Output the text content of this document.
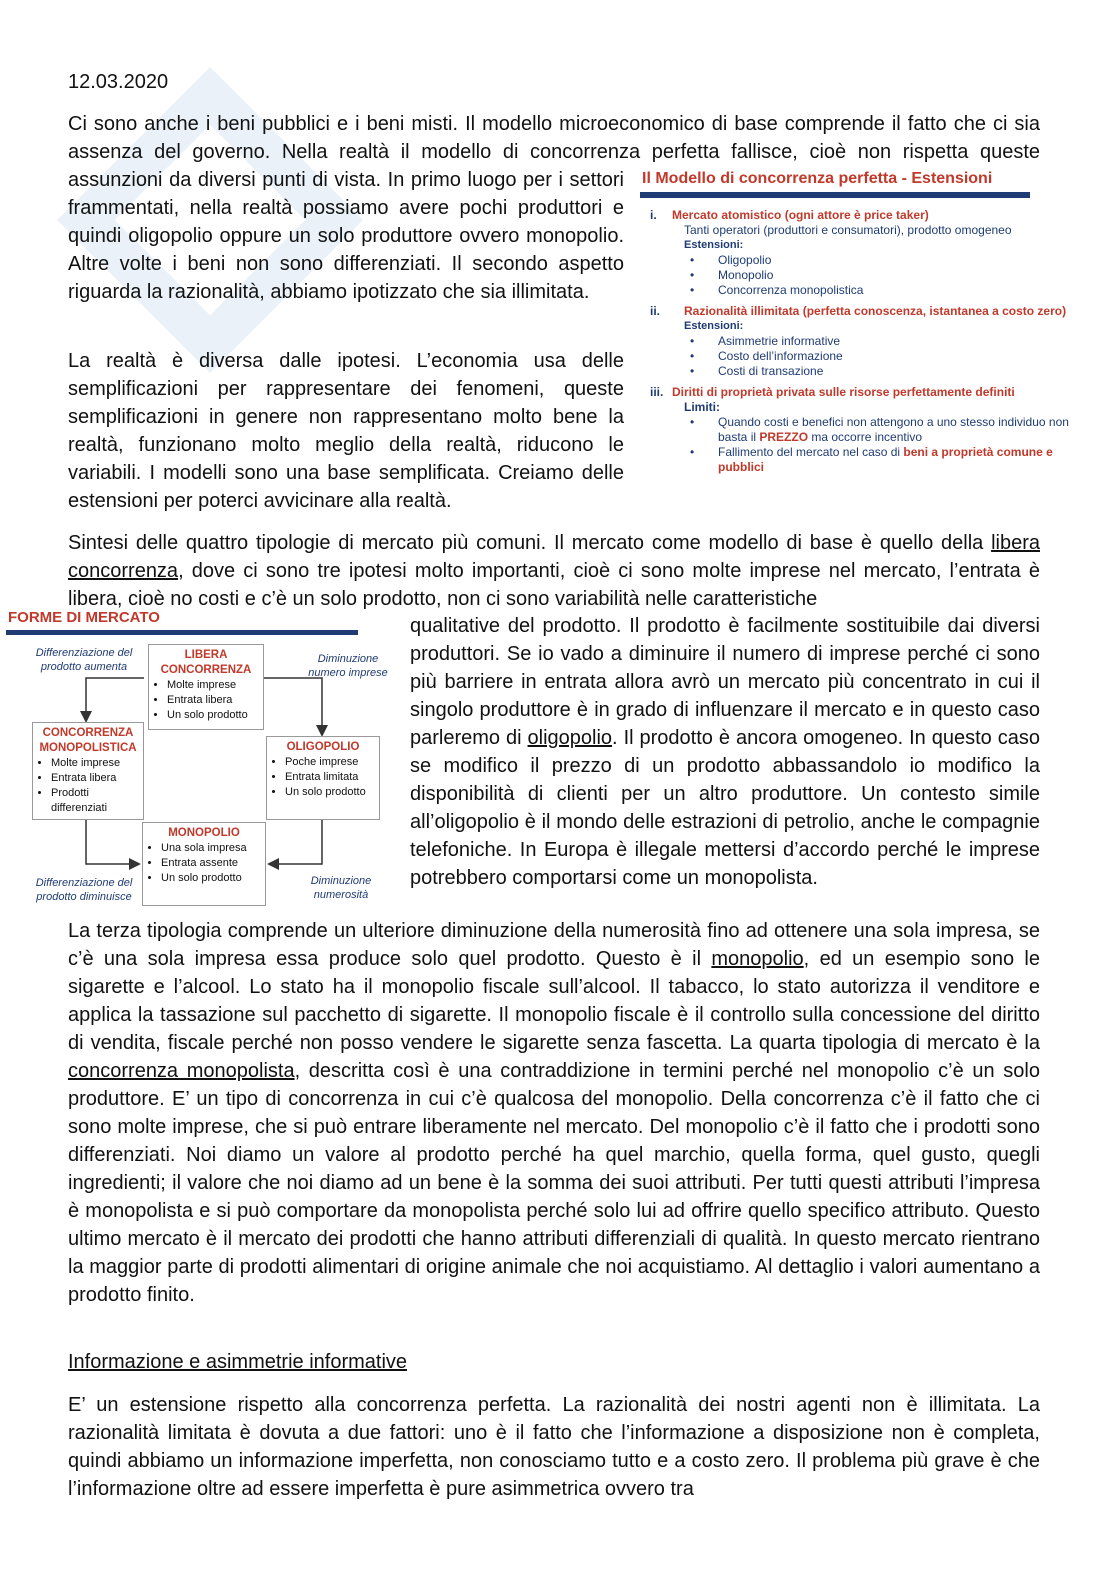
12.03.2020
Ci sono anche i beni pubblici e i beni misti. Il modello microeconomico di base comprende il fatto che ci sia assenza del governo. Nella realtà il modello di concorrenza perfetta fallisce, cioè non rispetta queste
assunzioni da diversi punti di vista. In primo luogo per i settori frammentati, nella realtà possiamo avere pochi produttori e quindi oligopolio oppure un solo produttore ovvero monopolio. Altre volte i beni non sono differenziati. Il secondo aspetto riguarda la razionalità, abbiamo ipotizzato che sia illimitata.
Il Modello di concorrenza perfetta - Estensioni
i. Mercato atomistico (ogni attore è price taker)
Tanti operatori (produttori e consumatori), prodotto omogeneo
Estensioni:
• Oligopolio
• Monopolio
• Concorrenza monopolistica
ii.	Razionalità illimitata (perfetta conoscenza, istantanea a costo zero)
Estensioni:
• Asimmetrie informative
• Costo dell’informazione
• Costi di transazione
iii. Diritti di proprietà privata sulle risorse perfettamente definiti
Limiti:
• Quando costi e benefici non attengono a uno stesso individuo non basta il PREZZO ma occorre incentivo
• Fallimento del mercato nel caso di beni a proprietà comune e pubblici
La realtà è diversa dalle ipotesi. L’economia usa delle semplificazioni per rappresentare dei fenomeni, queste semplificazioni in genere non rappresentano molto bene la realtà, funzionano molto meglio della realtà, riducono le variabili. I modelli sono una base semplificata. Creiamo delle estensioni per poterci avvicinare alla realtà.
Sintesi delle quattro tipologie di mercato più comuni. Il mercato come modello di base è quello della libera concorrenza, dove ci sono tre ipotesi molto importanti, cioè ci sono molte imprese nel mercato, l’entrata è libera, cioè no costi e c’è un solo prodotto, non ci sono variabilità nelle caratteristiche
FORME DI MERCATO
Differenziazione del prodotto aumenta
Diminuzione numero imprese
Differenziazione del prodotto diminuisce
Diminuzione numerosità
LIBERA CONCORRENZA
• Molte imprese
• Entrata libera
• Un solo prodotto
CONCORRENZA MONOPOLISTICA
• Molte imprese
• Entrata libera
• Prodotti differenziati
OLIGOPOLIO
• Poche imprese
• Entrata limitata
• Un solo prodotto
MONOPOLIO
• Una sola impresa
• Entrata assente
• Un solo prodotto
qualitative del prodotto. Il prodotto è facilmente sostituibile dai diversi produttori. Se io vado a diminuire il numero di imprese perché ci sono più barriere in entrata allora avrò un mercato più concentrato in cui il singolo produttore è in grado di influenzare il mercato e in questo caso parleremo di oligopolio. Il prodotto è ancora omogeneo. In questo caso se modifico il prezzo di un prodotto abbassandolo io modifico la disponibilità di clienti per un altro produttore. Un contesto simile all’oligopolio è il mondo delle estrazioni di petrolio, anche le compagnie telefoniche. In Europa è illegale mettersi d’accordo perché le imprese potrebbero comportarsi come un monopolista.
La terza tipologia comprende un ulteriore diminuzione della numerosità fino ad ottenere una sola impresa, se c’è una sola impresa essa produce solo quel prodotto. Questo è il monopolio, ed un esempio sono le sigarette e l’alcool. Lo stato ha il monopolio fiscale sull’alcool. Il tabacco, lo stato autorizza il venditore e applica la tassazione sul pacchetto di sigarette. Il monopolio fiscale è il controllo sulla concessione del diritto di vendita, fiscale perché non posso vendere le sigarette senza fascetta. La quarta tipologia di mercato è la concorrenza monopolista, descritta così è una contraddizione in termini perché nel monopolio c’è un solo produttore. E’ un tipo di concorrenza in cui c’è qualcosa del monopolio. Della concorrenza c’è il fatto che ci sono molte imprese, che si può entrare liberamente nel mercato. Del monopolio c’è il fatto che i prodotti sono differenziati. Noi diamo un valore al prodotto perché ha quel marchio, quella forma, quel gusto, quegli ingredienti; il valore che noi diamo ad un bene è la somma dei suoi attributi. Per tutti questi attributi l’impresa è monopolista e si può comportare da monopolista perché solo lui ad offrire quello specifico attributo. Questo ultimo mercato è il mercato dei prodotti che hanno attributi differenziali di qualità. In questo mercato rientrano la maggior parte di prodotti alimentari di origine animale che noi acquistiamo. Al dettaglio i valori aumentano a prodotto finito.
Informazione e asimmetrie informative
E’ un estensione rispetto alla concorrenza perfetta. La razionalità dei nostri agenti non è illimitata. La razionalità limitata è dovuta a due fattori: uno è il fatto che l’informazione a disposizione non è completa, quindi abbiamo un informazione imperfetta, non conosciamo tutto e a costo zero. Il problema più grave è che l’informazione oltre ad essere imperfetta è pure asimmetrica ovvero tra
